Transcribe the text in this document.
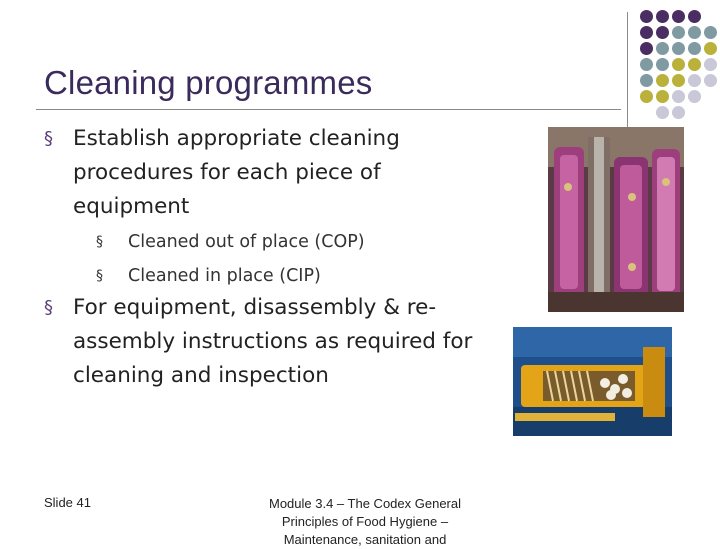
Cleaning programmes
§ Establish appropriate cleaning procedures for each piece of equipment
§ Cleaned out of place (COP)
§ Cleaned in place (CIP)
§ For equipment, disassembly & re-assembly instructions as required for cleaning and inspection
Slide 41	Module 3.4 – The Codex General Principles of Food Hygiene – Maintenance, sanitation and
